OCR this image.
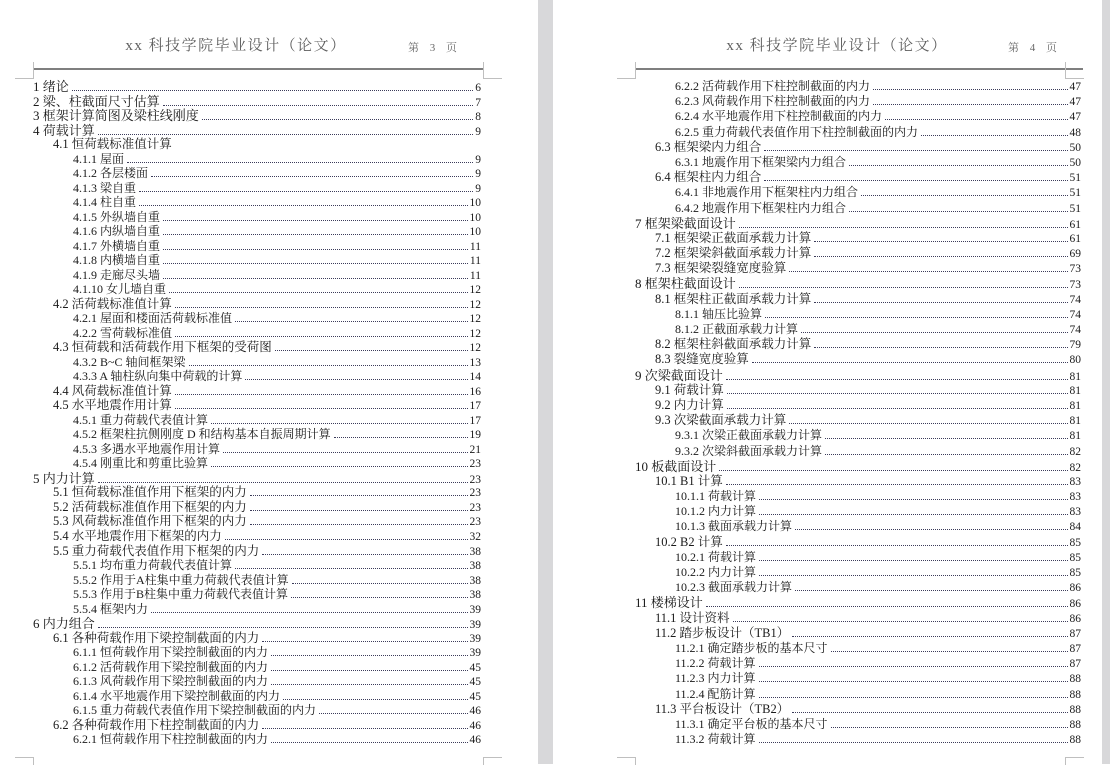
xx 科技学院毕业设计（论文）	第 3 页
1 绪论	6
2 梁、柱截面尺寸估算	7
3 框架计算简图及梁柱线刚度	8
4 荷载计算	9
4.1 恒荷载标准值计算
4.1.1 屋面	9
4.1.2 各层楼面	9
4.1.3 梁自重	9
4.1.4 柱自重	10
4.1.5 外纵墙自重	10
4.1.6 内纵墙自重	10
4.1.7 外横墙自重	11
4.1.8 内横墙自重	11
4.1.9 走廊尽头墙	11
4.1.10 女儿墙自重	12
4.2 活荷载标准值计算	12
4.2.1 屋面和楼面活荷载标准值	12
4.2.2 雪荷载标准值	12
4.3 恒荷载和活荷载作用下框架的受荷图	12
4.3.2 B~C 轴间框架梁	13
4.3.3 A 轴柱纵向集中荷载的计算	14
4.4 风荷载标准值计算	16
4.5 水平地震作用计算	17
4.5.1 重力荷载代表值计算	17
4.5.2 框架柱抗侧刚度 D 和结构基本自振周期计算	19
4.5.3 多遇水平地震作用计算	21
4.5.4 刚重比和剪重比验算	23
5 内力计算	23
5.1 恒荷载标准值作用下框架的内力	23
5.2 活荷载标准值作用下框架的内力	23
5.3 风荷载标准值作用下框架的内力	23
5.4 水平地震作用下框架的内力	32
5.5 重力荷载代表值作用下框架的内力	38
5.5.1 均布重力荷载代表值计算	38
5.5.2 作用于A柱集中重力荷载代表值计算	38
5.5.3 作用于B柱集中重力荷载代表值计算	38
5.5.4 框架内力	39
6 内力组合	39
6.1 各种荷载作用下梁控制截面的内力	39
6.1.1 恒荷载作用下梁控制截面的内力	39
6.1.2 活荷载作用下梁控制截面的内力	45
6.1.3 风荷载作用下梁控制截面的内力	45
6.1.4 水平地震作用下梁控制截面的内力	45
6.1.5 重力荷载代表值作用下梁控制截面的内力	46
6.2 各种荷载作用下柱控制截面的内力	46
6.2.1 恒荷载作用下柱控制截面的内力	46
xx 科技学院毕业设计（论文）	第 4 页
6.2.2 活荷载作用下柱控制截面的内力	47
6.2.3 风荷载作用下柱控制截面的内力	47
6.2.4 水平地震作用下柱控制截面的内力	47
6.2.5 重力荷载代表值作用下柱控制截面的内力	48
6.3 框架梁内力组合	50
6.3.1 地震作用下框架梁内力组合	50
6.4 框架柱内力组合	51
6.4.1 非地震作用下框架柱内力组合	51
6.4.2 地震作用下框架柱内力组合	51
7 框架梁截面设计	61
7.1 框架梁正截面承载力计算	61
7.2 框架梁斜截面承载力计算	69
7.3 框架梁裂缝宽度验算	73
8 框架柱截面设计	73
8.1 框架柱正截面承载力计算	74
8.1.1 轴压比验算	74
8.1.2 正截面承载力计算	74
8.2 框架柱斜截面承载力计算	79
8.3 裂缝宽度验算	80
9 次梁截面设计	81
9.1 荷载计算	81
9.2 内力计算	81
9.3 次梁截面承载力计算	81
9.3.1 次梁正截面承载力计算	81
9.3.2 次梁斜截面承载力计算	82
10 板截面设计	82
10.1 B1 计算	83
10.1.1 荷载计算	83
10.1.2 内力计算	83
10.1.3 截面承载力计算	84
10.2 B2 计算	85
10.2.1 荷载计算	85
10.2.2 内力计算	85
10.2.3 截面承载力计算	86
11 楼梯设计	86
11.1 设计资料	86
11.2 踏步板设计（TB1）	87
11.2.1 确定踏步板的基本尺寸	87
11.2.2 荷载计算	87
11.2.3 内力计算	88
11.2.4 配筋计算	88
11.3 平台板设计（TB2）	88
11.3.1 确定平台板的基本尺寸	88
11.3.2 荷载计算	88
